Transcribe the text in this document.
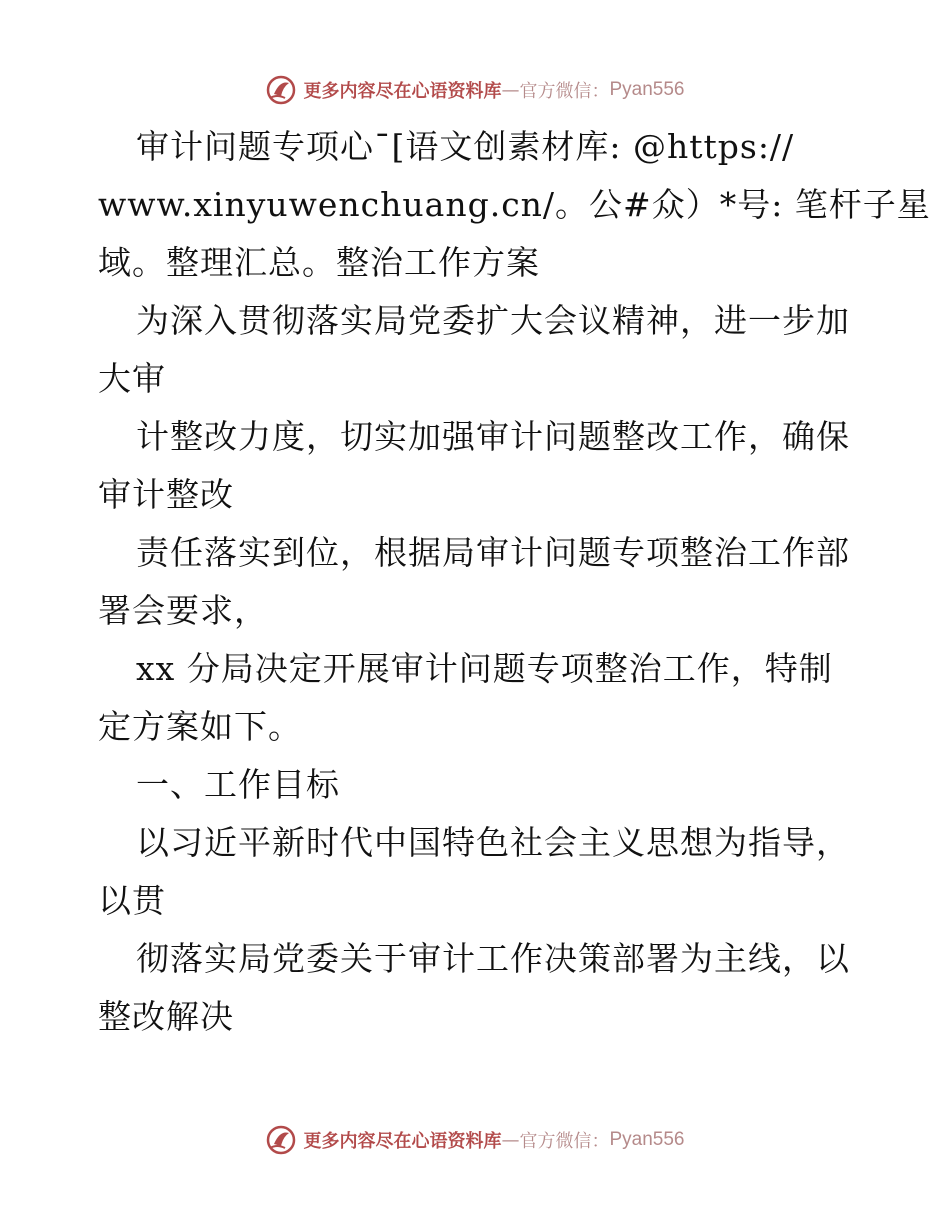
更多内容尽在心语资料库 — 官方微信： Pyan556
审计问题专项心¯[语文创素材库: @https://
www.xinyuwenchuang.cn/。公#众）*号: 笔杆子星
域。整理汇总。整治工作方案
为深入贯彻落实局党委扩大会议精神，进一步加
大审
计整改力度，切实加强审计问题整改工作，确保
审计整改
责任落实到位，根据局审计问题专项整治工作部
署会要求，
xx 分局决定开展审计问题专项整治工作，特制
定方案如下。
一、工作目标
以习近平新时代中国特色社会主义思想为指导，
以贯
彻落实局党委关于审计工作决策部署为主线，以
整改解决
更多内容尽在心语资料库 — 官方微信： Pyan556
